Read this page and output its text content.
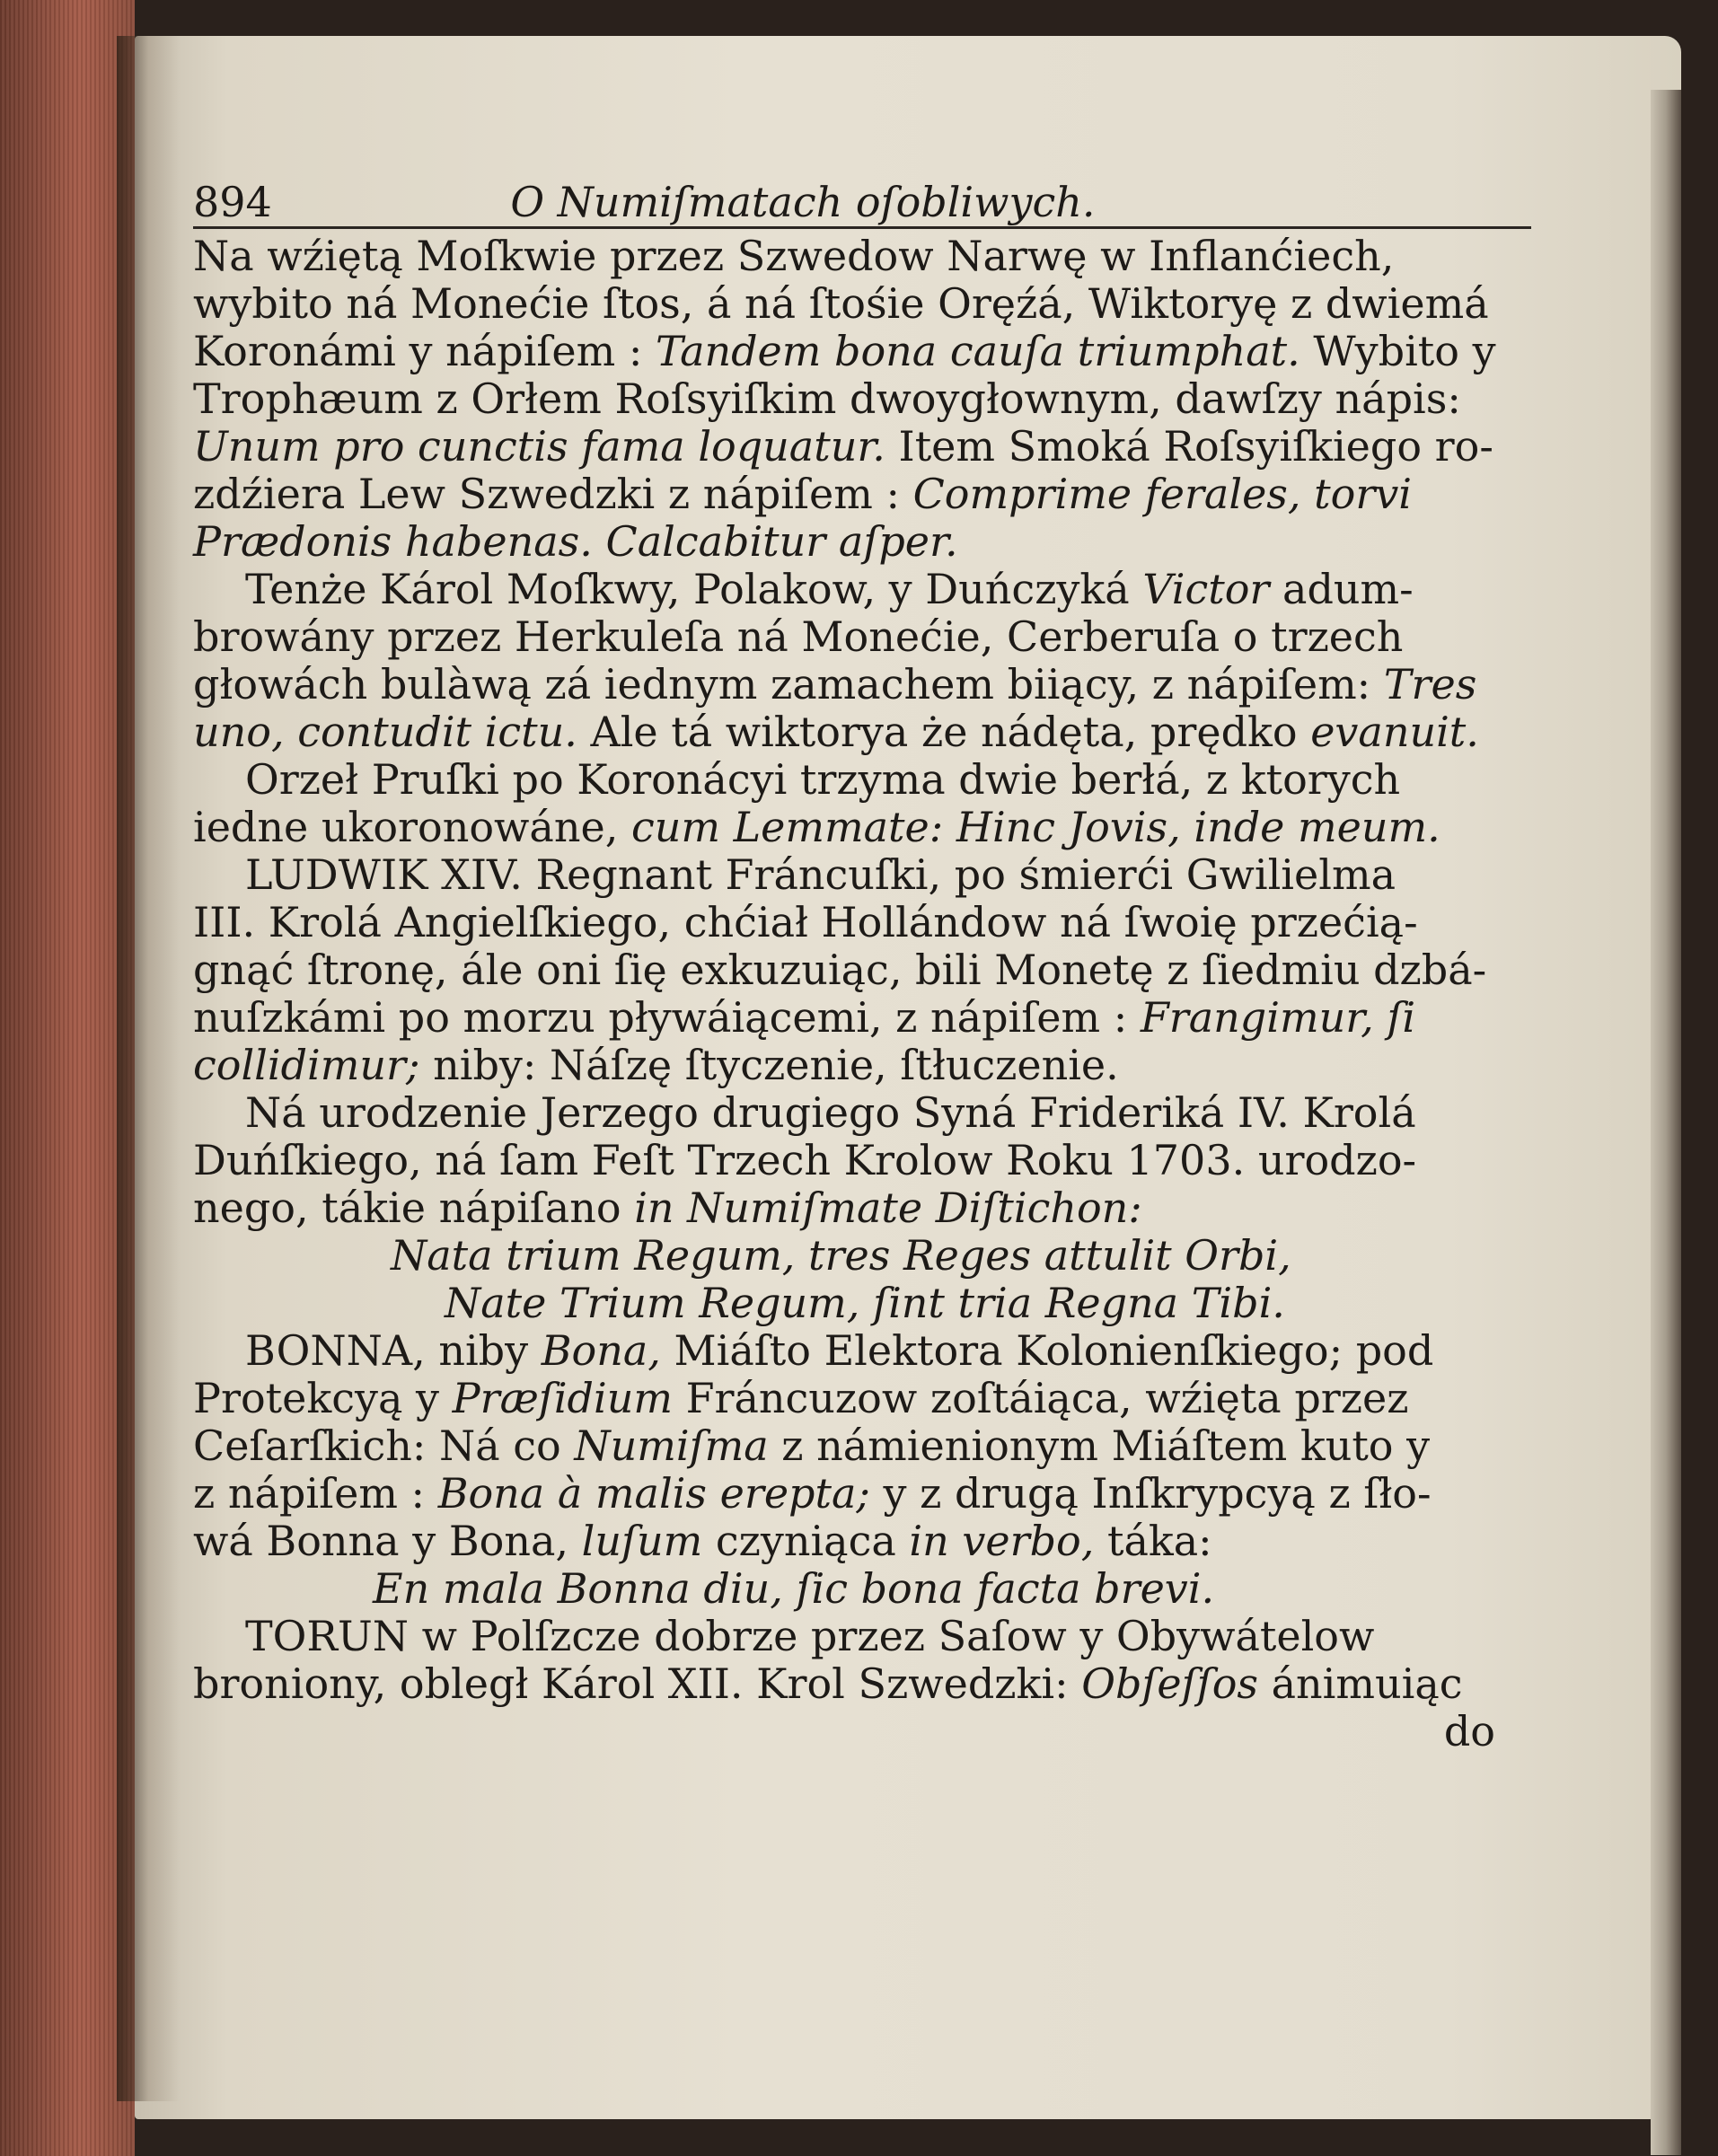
894	O Numiſmatach oſobliwych.

Na wźiętą Moſkwie przez Szwedow Narwę w Inflanćiech,
wybito ná Monećie ſtos, á ná ſtośie Oręźá, Wiktoryę z dwiemá
Koronámi y nápiſem : Tandem bona cauſa triumphat. Wybito y
Trophæum z Orłem Roſsyiſkim dwoygłownym, dawſzy nápis:
Unum pro cunctis fama loquatur. Item Smoká Roſsyiſkiego ro-
zdźiera Lew Szwedzki z nápiſem : Comprime ferales, torvi
Prædonis habenas. Calcabitur aſper.

Tenże Károl Moſkwy, Polakow, y Duńczyká Victor adum-
browány przez Herkuleſa ná Monećie, Cerberuſa o trzech
głowách bulàwą zá iednym zamachem biiący, z nápiſem: Tres
uno, contudit ictu. Ale tá wiktorya że nádęta, prędko evanuit.

Orzeł Pruſki po Koronácyi trzyma dwie berłá, z ktorych
iedne ukoronowáne, cum Lemmate: Hinc Jovis, inde meum.

LUDWIK XIV. Regnant Fráncuſki, po śmierći Gwilielma
III. Krolá Angielſkiego, chćiał Hollándow ná ſwoię przećią-
gnąć ſtronę, ále oni ſię exkuzuiąc, bili Monetę z ſiedmiu dzbá-
nuſzkámi po morzu pływáiącemi, z nápiſem : Frangimur, ſi
collidimur; niby: Náſzę ſtyczenie, ſtłuczenie.

Ná urodzenie Jerzego drugiego Syná Frideriká IV. Krolá
Duńſkiego, ná ſam Feſt Trzech Krolow Roku 1703. urodzo-
nego, tákie nápiſano in Numiſmate Diſtichon:

Nata trium Regum, tres Reges attulit Orbi,

Nate Trium Regum, ſint tria Regna Tibi.

BONNA, niby Bona, Miáſto Elektora Koloniеnſkiego; pod
Protekcyą y Præſidium Fráncuzow zoſtáiąca, wźięta przez
Ceſarſkich: Ná co Numiſma z námienionym Miáſtem kuto y
z nápiſem : Bona à malis erepta; y z drugą Inſkrypcyą z ſło-
wá Bonna y Bona, luſum czyniąca in verbo, táka:

En mala Bonna diu, ſic bona facta brevi.

TORUN w Polſzcze dobrze przez Saſow y Obywátelow
broniony, obległ Károl XII. Krol Szwedzki: Obſeſſos ánimuiąc

do
